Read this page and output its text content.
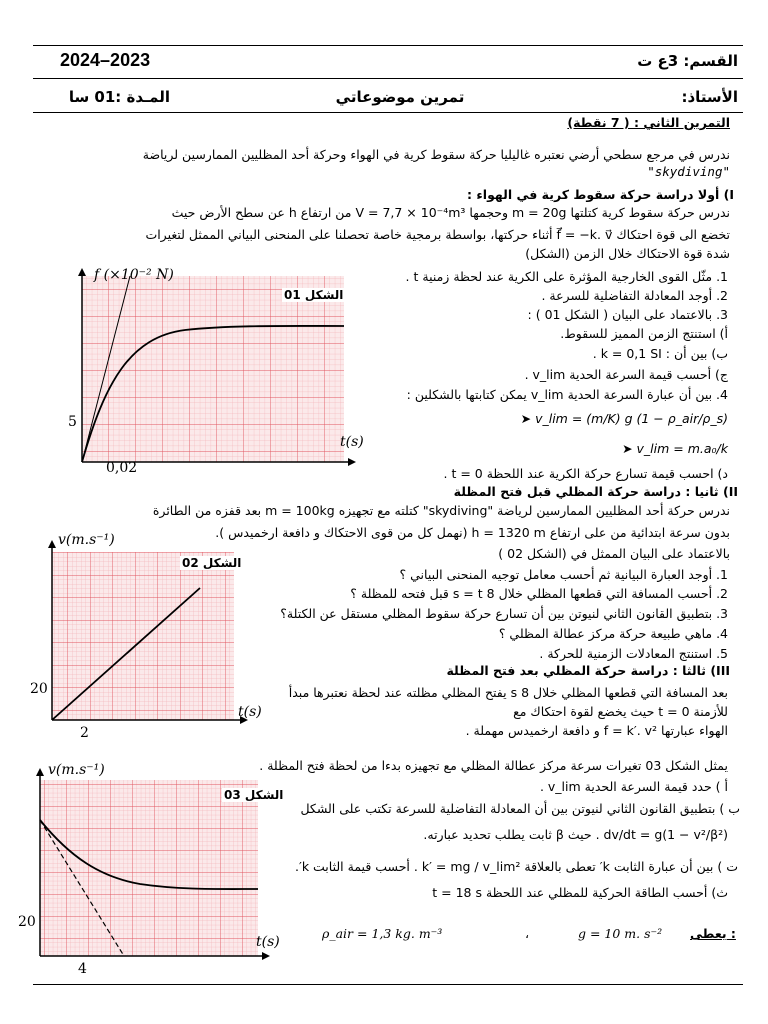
2024–2023	القسم: 3ع ت
الأستاذ:
تمرين موضوعاتي
المـدة :01 سا
التمرين الثاني : ( 7 نقطة)
ندرس في مرجع سطحي أرضي نعتبره غاليليا حركة سقوط كرية في الهواء وحركة أحد المظليين الممارسين لرياضة
"skydiving"
I) أولا دراسة حركة سقوط كرية في الهواء :
ندرس حركة سقوط كرية كتلتها m = 20g وحجمها V = 7,7 × 10⁻⁴m³ من ارتفاع h عن سطح الأرض حيث
تخضع الى قوة احتكاك f⃗ = −k. v⃗ أثناء حركتها، بواسطة برمجية خاصة تحصلنا على المنحنى البياني الممثل لتغيرات
شدة قوة الاحتكاك خلال الزمن (الشكل)
1. مثّل القوى الخارجية المؤثرة على الكرية عند لحظة زمنية t .
2. أوجد المعادلة التفاضلية للسرعة .
3. بالاعتماد على البيان ( الشكل 01 ) :
أ) استنتج الزمن المميز للسقوط.
ب) بين أن : k = 0,1 SI .
ج) أحسب قيمة السرعة الحدية v_lim .
4. بين أن عبارة السرعة الحدية v_lim يمكن كتابتها بالشكلين :
v_lim = (m/K) g (1 − ρ_air/ρ_s) ➤
v_lim = m.a₀/k ➤
د) احسب قيمة تسارع حركة الكرية عند اللحظة t = 0 .
II) ثانيا : دراسة حركة المظلي قبل فتح المظلة
ندرس حركة أحد المظليين الممارسين لرياضة "skydiving" كتلته مع تجهيزه m = 100kg بعد قفزه من الطائرة
بدون سرعة ابتدائية من على ارتفاع h = 1320 m (نهمل كل من قوى الاحتكاك و دافعة ارخميدس ).
بالاعتماد على البيان الممثل في (الشكل 02 )
1. أوجد العبارة البيانية ثم أحسب معامل توجيه المنحنى البياني ؟
2. أحسب المسافة التي قطعها المظلي خلال 8 s = t قبل فتحه للمظلة ؟
3. بتطبيق القانون الثاني لنيوتن بين أن تسارع حركة سقوط المظلي مستقل عن الكتلة؟
4. ماهي طبيعة حركة مركز عطالة المظلي ؟
5. استنتج المعادلات الزمنية للحركة .
III) ثالثا : دراسة حركة المظلي بعد فتح المظلة
بعد المسافة التي قطعها المظلي خلال 8 s يفتح المظلي مظلته عند لحظة نعتبرها مبدأ
للأزمنة t = 0 حيث يخضع لقوة احتكاك مع
الهواء عبارتها f = k′. v² و دافعة ارخميدس مهملة .
يمثل الشكل 03 تغيرات سرعة مركز عطالة المظلي مع تجهيزه بدءا من لحظة فتح المظلة .
أ ) حدد قيمة السرعة الحدية v_lim .
ب ) بتطبيق القانون الثاني لنيوتن بين أن المعادلة التفاضلية للسرعة تكتب على الشكل
dv/dt = g(1 − v²/β²) . حيث β ثابت يطلب تحديد عبارته.
ت ) بين أن عبارة الثابت k′ تعطى بالعلاقة k′ = mg / v_lim² . أحسب قيمة الثابت k′.
ث) أحسب الطاقة الحركية للمظلي عند اللحظة t = 18 s
يعطى :
g = 10 m. s⁻²
،
ρ_air = 1,3 kg. m⁻³
f (×10⁻² N)
الشكل 01
t(s)
5
0,02
v(m.s⁻¹)
الشكل 02
t(s)
20
2
v(m.s⁻¹)
الشكل 03
t(s)
20
4
